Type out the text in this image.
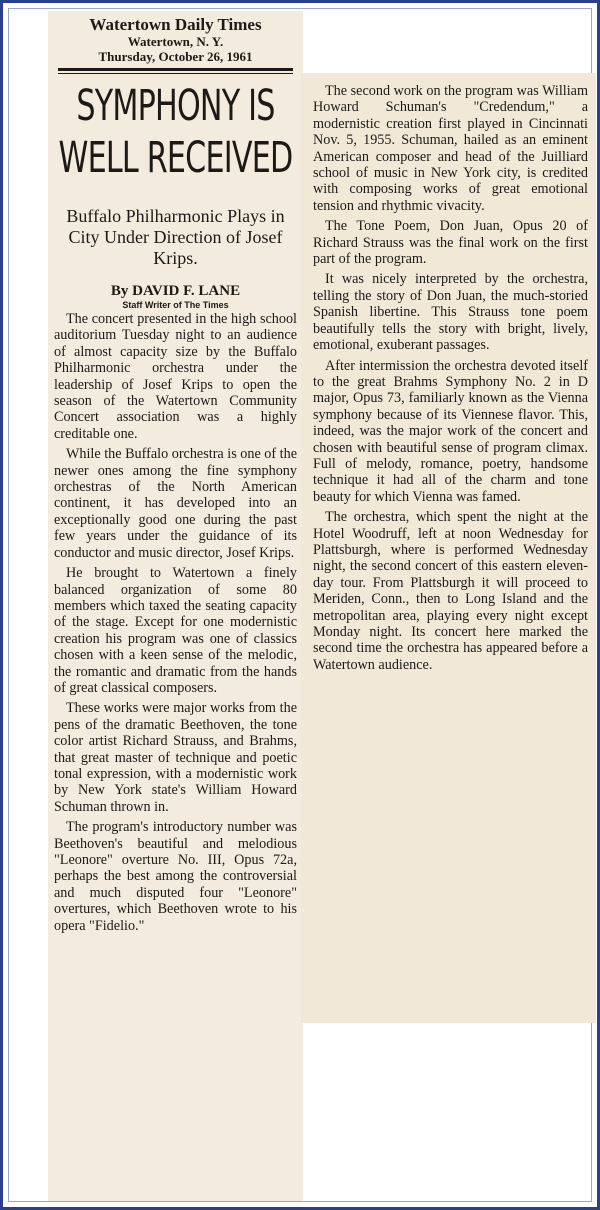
Watertown Daily Times
Watertown, N. Y.
Thursday, October 26, 1961
SYMPHONY IS
WELL RECEIVED
Buffalo Philharmonic Plays in City Under Direction of Josef Krips.
By DAVID F. LANE
Staff Writer of The Times

The concert presented in the high school auditorium Tuesday night to an audience of almost capacity size by the Buffalo Philharmonic orchestra under the leadership of Josef Krips to open the season of the Watertown Community Concert association was a highly creditable one.

While the Buffalo orchestra is one of the newer ones among the fine symphony orchestras of the North American continent, it has developed into an exceptionally good one during the past few years under the guidance of its conductor and music director, Josef Krips.

He brought to Watertown a finely balanced organization of some 80 members which taxed the seating capacity of the stage. Except for one modernistic creation his program was one of classics chosen with a keen sense of the melodic, the romantic and dramatic from the hands of great classical composers.

These works were major works from the pens of the dramatic Beethoven, the tone color artist Richard Strauss, and Brahms, that great master of technique and poetic tonal expression, with a modernistic work by New York state's William Howard Schuman thrown in.

The program's introductory number was Beethoven's beautiful and melodious "Leonore" overture No. III, Opus 72a, perhaps the best among the controversial and much disputed four "Leonore" overtures, which Beethoven wrote to his opera "Fidelio."

The second work on the program was William Howard Schuman's "Credendum," a modernistic creation first played in Cincinnati Nov. 5, 1955. Schuman, hailed as an eminent American composer and head of the Juilliard school of music in New York city, is credited with composing works of great emotional tension and rhythmic vivacity.

The Tone Poem, Don Juan, Opus 20 of Richard Strauss was the final work on the first part of the program.

It was nicely interpreted by the orchestra, telling the story of Don Juan, the much-storied Spanish libertine. This Strauss tone poem beautifully tells the story with bright, lively, emotional, exuberant passages.

After intermission the orchestra devoted itself to the great Brahms Symphony No. 2 in D major, Opus 73, familiarly known as the Vienna symphony because of its Viennese flavor. This, indeed, was the major work of the concert and chosen with beautiful sense of program climax. Full of melody, romance, poetry, handsome technique it had all of the charm and tone beauty for which Vienna was famed.

The orchestra, which spent the night at the Hotel Woodruff, left at noon Wednesday for Plattsburgh, where is performed Wednesday night, the second concert of this eastern eleven-day tour. From Plattsburgh it will proceed to Meriden, Conn., then to Long Island and the metropolitan area, playing every night except Monday night. Its concert here marked the second time the orchestra has appeared before a Watertown audience.
